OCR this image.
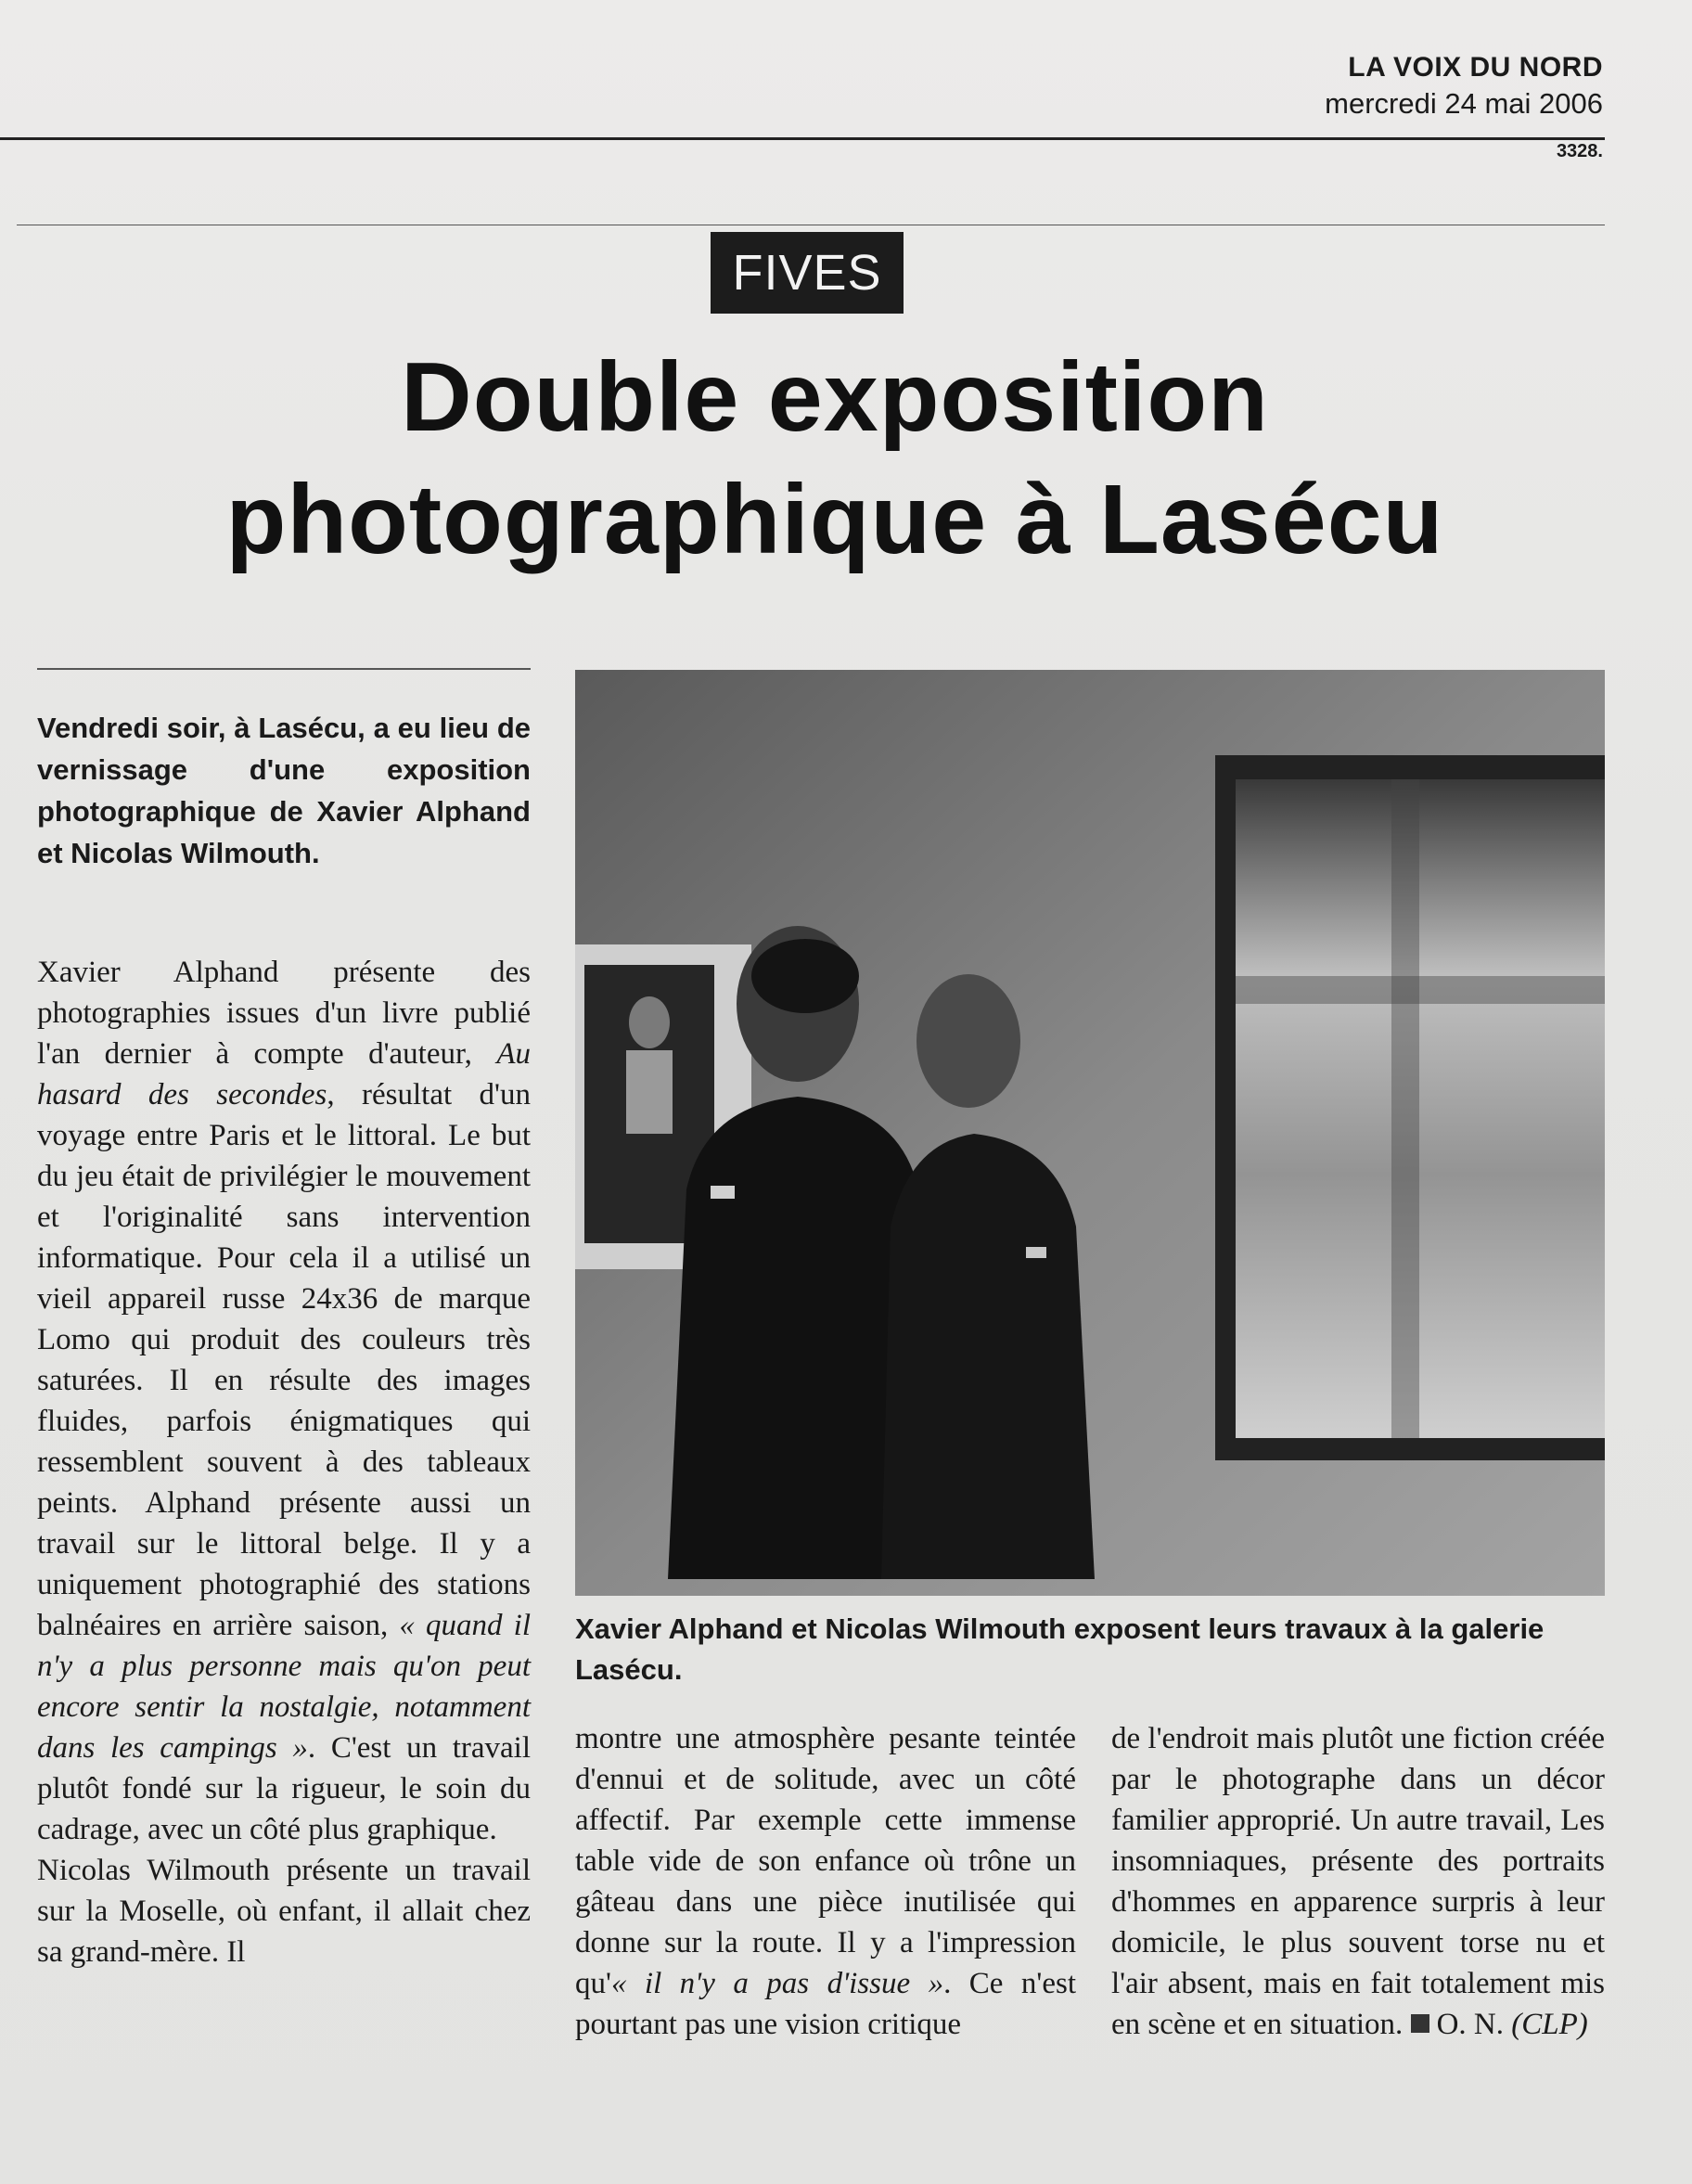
LA VOIX DU NORD
mercredi 24 mai 2006
3328.
FIVES
Double exposition
photographique à Lasécu
Vendredi soir, à Lasécu, a eu lieu de vernissage d'une exposition photographique de Xavier Alphand et Nicolas Wilmouth.

Xavier Alphand présente des photographies issues d'un livre publié l'an dernier à compte d'auteur, Au hasard des secondes, résultat d'un voyage entre Paris et le littoral. Le but du jeu était de privilégier le mouvement et l'originalité sans intervention informatique. Pour cela il a utilisé un vieil appareil russe 24x36 de marque Lomo qui produit des couleurs très saturées. Il en résulte des images fluides, parfois énigmatiques qui ressemblent souvent à des tableaux peints. Alphand présente aussi un travail sur le littoral belge. Il y a uniquement photographié des stations balnéaires en arrière saison, « quand il n'y a plus personne mais qu'on peut encore sentir la nostalgie, notamment dans les campings ». C'est un travail plutôt fondé sur la rigueur, le soin du cadrage, avec un côté plus graphique.

Nicolas Wilmouth présente un travail sur la Moselle, où enfant, il allait chez sa grand-mère. Il

Xavier Alphand et Nicolas Wilmouth exposent leurs travaux à la galerie Lasécu.

montre une atmosphère pesante teintée d'ennui et de solitude, avec un côté affectif. Par exemple cette immense table vide de son enfance où trône un gâteau dans une pièce inutilisée qui donne sur la route. Il y a l'impression qu'« il n'y a pas d'issue ». Ce n'est pourtant pas une vision critique

de l'endroit mais plutôt une fiction créée par le photographe dans un décor familier approprié. Un autre travail, Les insomniaques, présente des portraits d'hommes en apparence surpris à leur domicile, le plus souvent torse nu et l'air absent, mais en fait totalement mis en scène et en situation. O. N. (CLP)
